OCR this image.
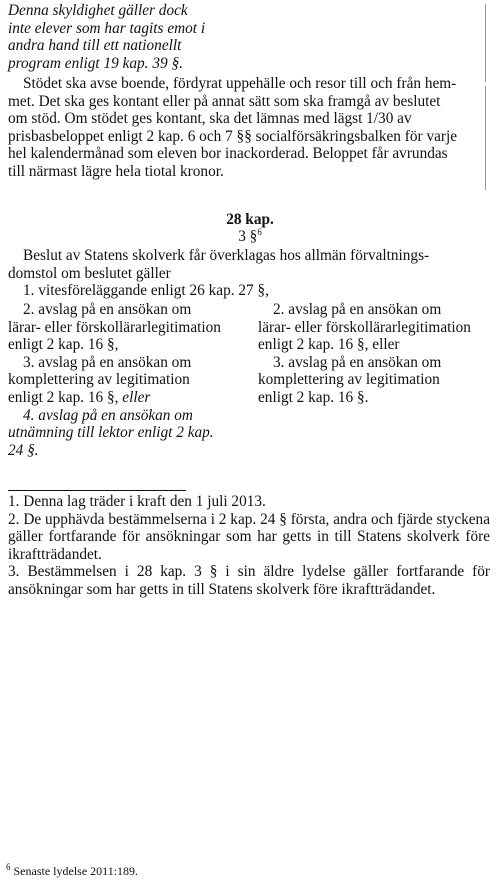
Denna skyldighet gäller dock
inte elever som har tagits emot i
andra hand till ett nationellt
program enligt 19 kap. 39 §.
Stödet ska avse boende, fördyrat uppehälle och resor till och från hem-
met. Det ska ges kontant eller på annat sätt som ska framgå av beslutet
om stöd. Om stödet ges kontant, ska det lämnas med lägst 1/30 av
prisbasbeloppet enligt 2 kap. 6 och 7 §§ socialförsäkringsbalken för varje
hel kalendermånad som eleven bor inackorderad. Beloppet får avrundas
till närmast lägre hela tiotal kronor.
28 kap.
3 §$^6$
Beslut av Statens skolverk får överklagas hos allmän förvaltnings-
domstol om beslutet gäller
1. vitesföreläggande enligt 26 kap. 27 §,
2. avslag på en ansökan om
lärar- eller förskollärarlegitimation
enligt 2 kap. 16 §,
3. avslag på en ansökan om
komplettering av legitimation
enligt 2 kap. 16 §, eller
4. avslag på en ansökan om
utnämning till lektor enligt 2 kap.
24 §.
2. avslag på en ansökan om
lärar- eller förskollärarlegitimation
enligt 2 kap. 16 §, eller
3. avslag på en ansökan om
komplettering av legitimation
enligt 2 kap. 16 §.
1. Denna lag träder i kraft den 1 juli 2013.
2. De upphävda bestämmelserna i 2 kap. 24 § första, andra och fjärde styckena gäller fortfarande för ansökningar som har getts in till Statens skolverk före ikraftträdandet.
3. Bestämmelsen i 28 kap. 3 § i sin äldre lydelse gäller fortfarande för ansökningar som har getts in till Statens skolverk före ikraftträdandet.
$^6$ Senaste lydelse 2011:189.
